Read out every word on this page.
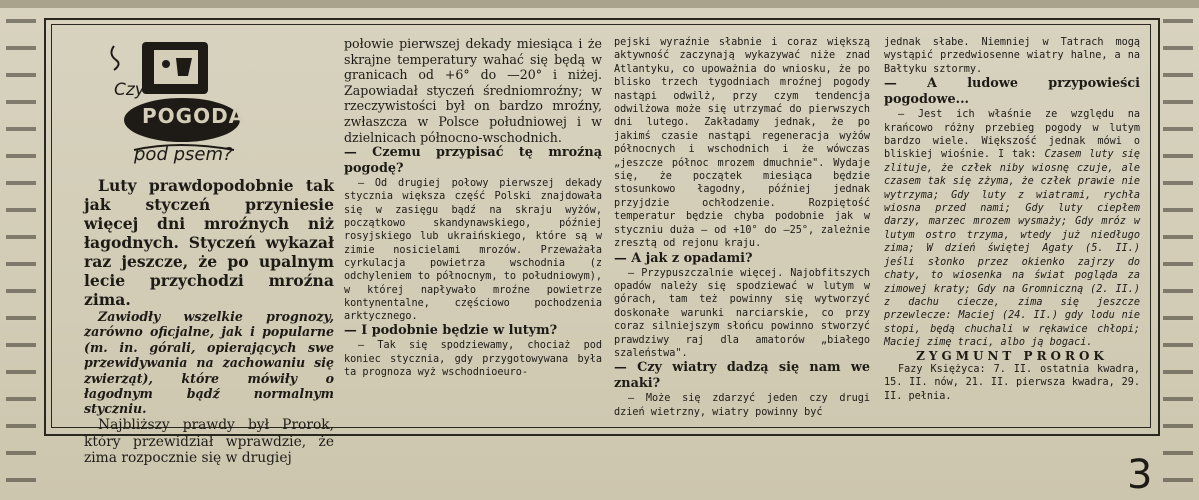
Czy
POGODA
pod psem?

Luty prawdopodobnie tak jak styczeń przyniesie więcej dni mroźnych niż łagodnych. Styczeń wykazał raz jeszcze, że po upalnym lecie przychodzi mroźna zima.

Zawiodły wszelkie prognozy, zarówno oficjalne, jak i popularne (m. in. górali, opierających swe przewidywania na zachowaniu się zwierząt), które mówiły o łagodnym bądź normalnym styczniu.

Najbliższy prawdy był Prorok, który przewidział wprawdzie, że zima rozpocznie się w drugiej

połowie pierwszej dekady miesiąca i że skrajne temperatury wahać się będą w granicach od +6° do —20° i niżej. Zapowiadał styczeń średniomroźny; w rzeczywistości był on bardzo mroźny, zwłaszcza w Polsce południowej i w dzielnicach północno-wschodnich.

— Czemu przypisać tę mroźną pogodę?

— Od drugiej połowy pierwszej dekady stycznia większa część Polski znajdowała się w zasięgu bądź na skraju wyżów, początkowo skandynawskiego, później rosyjskiego lub ukraińskiego, które są w zimie nosicielami mrozów. Przeważała cyrkulacja powietrza wschodnia (z odchyleniem to północnym, to południowym), w której napływało mroźne powietrze kontynentalne, częściowo pochodzenia arktycznego.

— I podobnie będzie w lutym?

— Tak się spodziewamy, chociaż pod koniec stycznia, gdy przygotowywana była ta prognoza wyż wschodnioeuro-

pejski wyraźnie słabnie i coraz większą aktywność zaczynają wykazywać niże znad Atlantyku, co upoważnia do wniosku, że po blisko trzech tygodniach mroźnej pogody nastąpi odwilż, przy czym tendencja odwilżowa może się utrzymać do pierwszych dni lutego. Zakładamy jednak, że po jakimś czasie nastąpi regeneracja wyżów północnych i wschodnich i że wówczas „jeszcze północ mrozem dmuchnie". Wydaje się, że początek miesiąca będzie stosunkowo łagodny, później jednak przyjdzie ochłodzenie. Rozpiętość temperatur będzie chyba podobnie jak w styczniu duża — od +10° do —25°, zależnie zresztą od rejonu kraju.

— A jak z opadami?

— Przypuszczalnie więcej. Najobfitszych opadów należy się spodziewać w lutym w górach, tam też powinny się wytworzyć doskonałe warunki narciarskie, co przy coraz silniejszym słońcu powinno stworzyć prawdziwy raj dla amatorów „białego szaleństwa".

— Czy wiatry dadzą się nam we znaki?

— Może się zdarzyć jeden czy drugi dzień wietrzny, wiatry powinny być

jednak słabe. Niemniej w Tatrach mogą wystąpić przedwiosenne wiatry halne, a na Bałtyku sztormy.

— A ludowe przypowieści pogodowe...

— Jest ich właśnie ze względu na krańcowo różny przebieg pogody w lutym bardzo wiele. Większość jednak mówi o bliskiej wiośnie. I tak: Czasem luty się zlituje, że człek niby wiosnę czuje, ale czasem tak się zżyma, że człek prawie nie wytrzyma; Gdy luty z wiatrami, rychła wiosna przed nami; Gdy luty ciepłem darzy, marzec mrozem wysmaży; Gdy mróz w lutym ostro trzyma, wtedy już niedługo zima; W dzień świętej Agaty (5. II.) jeśli słonko przez okienko zajrzy do chaty, to wiosenka na świat pogląda za zimowej kraty; Gdy na Gromniczną (2. II.) z dachu ciecze, zima się jeszcze przewlecze: Maciej (24. II.) gdy lodu nie stopi, będą chuchali w rękawice chłopi; Maciej zimę traci, albo ją bogaci.

ZYGMUNT PROROK

Fazy Księżyca: 7. II. ostatnia kwadra, 15. II. nów, 21. II. pierwsza kwadra, 29. II. pełnia.

3
